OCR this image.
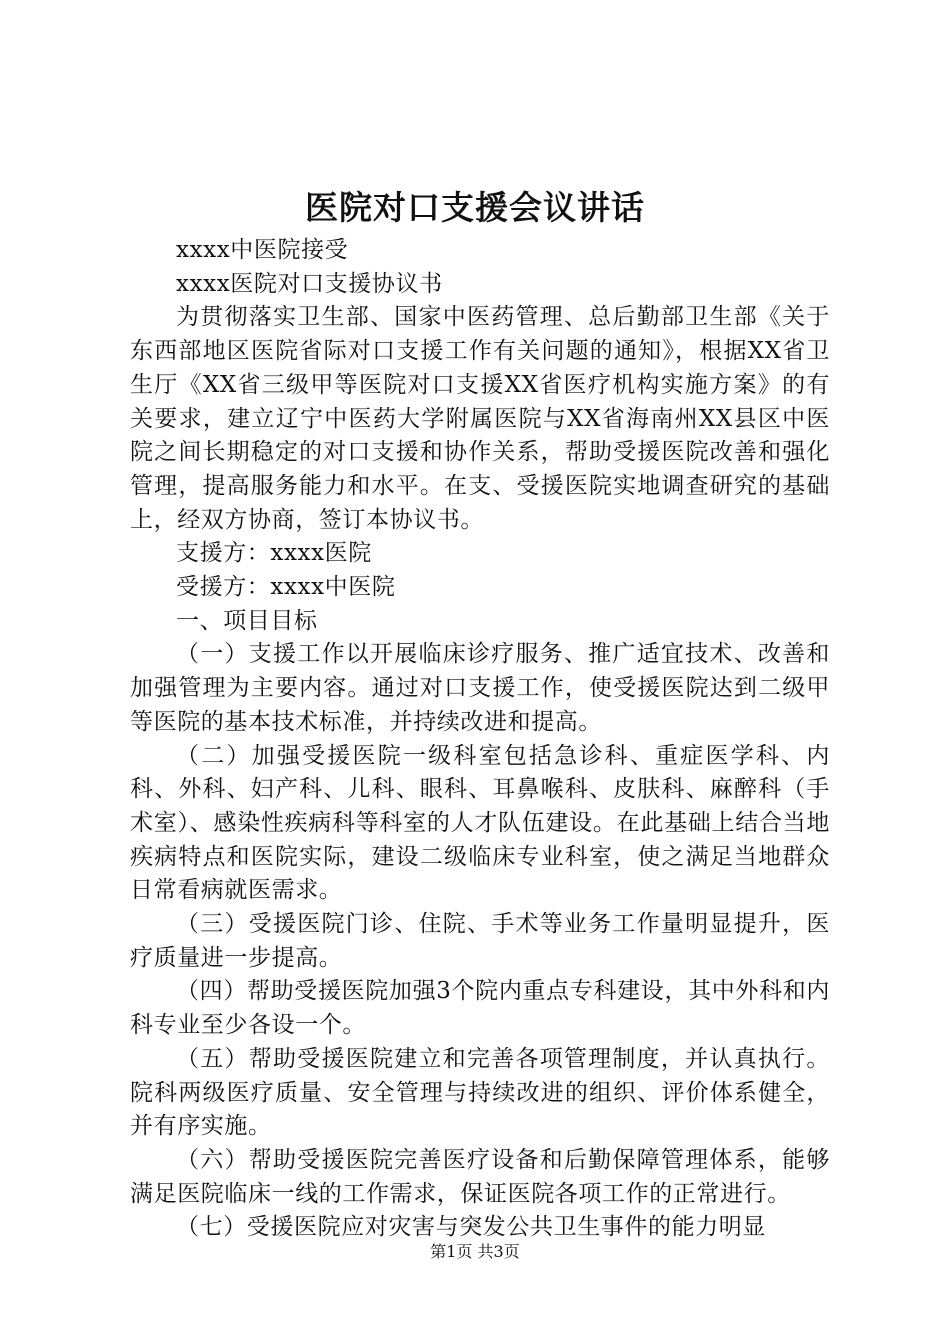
医院对口支援会议讲话

xxxx中医院接受

xxxx医院对口支援协议书

为贯彻落实卫生部、国家中医药管理、总后勤部卫生部《关于东西部地区医院省际对口支援工作有关问题的通知》，根据XX省卫生厅《XX省三级甲等医院对口支援XX省医疗机构实施方案》的有关要求，建立辽宁中医药大学附属医院与XX省海南州XX县区中医院之间长期稳定的对口支援和协作关系，帮助受援医院改善和强化管理，提高服务能力和水平。在支、受援医院实地调查研究的基础上，经双方协商，签订本协议书。

支援方：xxxx医院

受援方：xxxx中医院

一、项目目标

（一）支援工作以开展临床诊疗服务、推广适宜技术、改善和加强管理为主要内容。通过对口支援工作，使受援医院达到二级甲等医院的基本技术标准，并持续改进和提高。

（二）加强受援医院一级科室包括急诊科、重症医学科、内科、外科、妇产科、儿科、眼科、耳鼻喉科、皮肤科、麻醉科（手术室）、感染性疾病科等科室的人才队伍建设。在此基础上结合当地疾病特点和医院实际，建设二级临床专业科室，使之满足当地群众日常看病就医需求。

（三）受援医院门诊、住院、手术等业务工作量明显提升，医疗质量进一步提高。

（四）帮助受援医院加强3个院内重点专科建设，其中外科和内科专业至少各设一个。

（五）帮助受援医院建立和完善各项管理制度，并认真执行。院科两级医疗质量、安全管理与持续改进的组织、评价体系健全，并有序实施。

（六）帮助受援医院完善医疗设备和后勤保障管理体系，能够满足医院临床一线的工作需求，保证医院各项工作的正常进行。

（七）受援医院应对灾害与突发公共卫生事件的能力明显

第1页 共3页
